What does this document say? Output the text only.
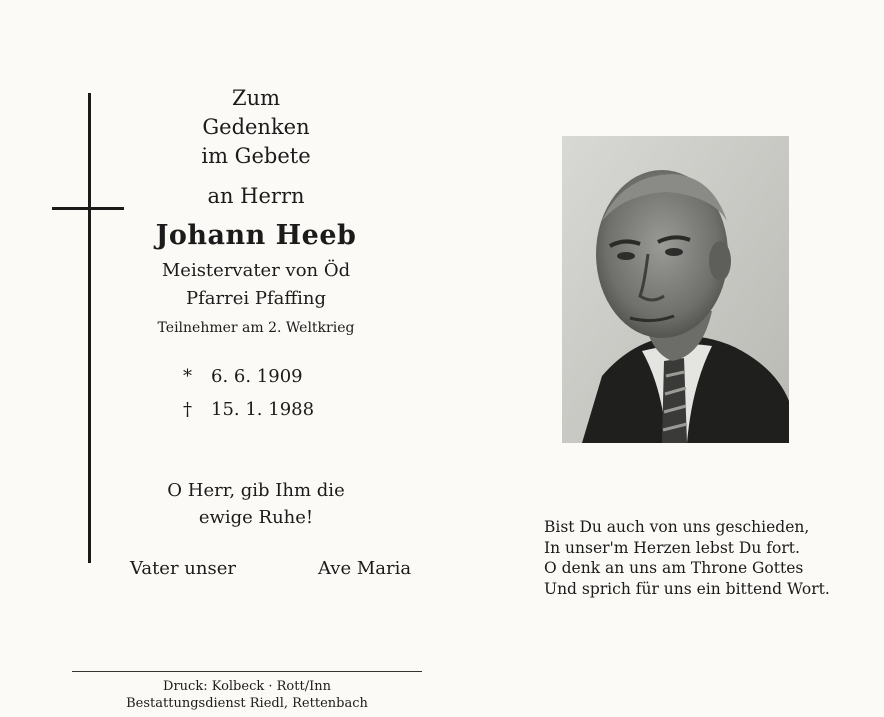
Zum
Gedenken
im Gebete
an Herrn
Johann Heeb
Meistervater von Öd
Pfarrei Pfaffing
Teilnehmer am 2. Weltkrieg
* 6. 6. 1909
† 15. 1. 1988
O Herr, gib Ihm die
ewige Ruhe!
Vater unser	Ave Maria
Druck: Kolbeck · Rott/Inn
Bestattungsdienst Riedl, Rettenbach
Bist Du auch von uns geschieden,
In unser'm Herzen lebst Du fort.
O denk an uns am Throne Gottes
Und sprich für uns ein bittend Wort.
